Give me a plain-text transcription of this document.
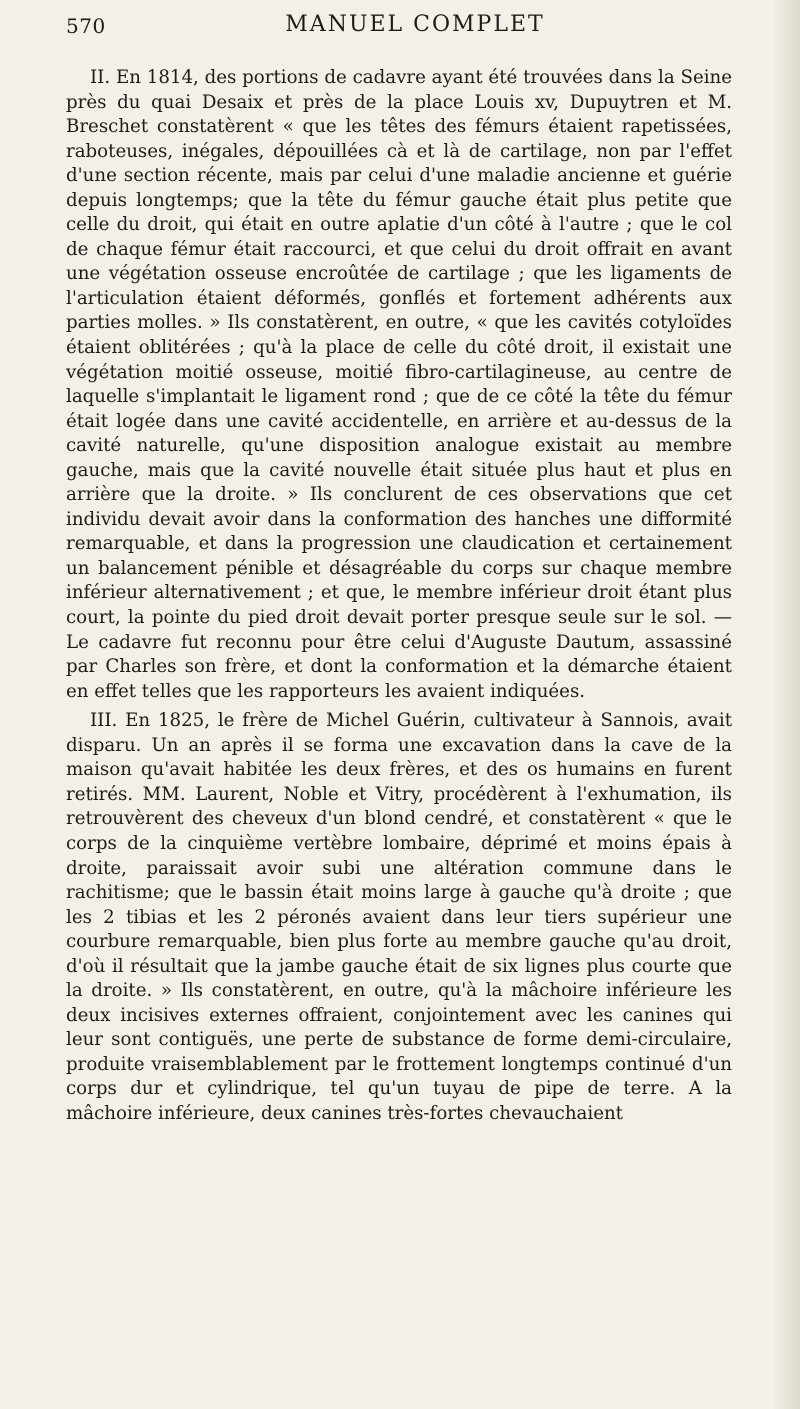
570	MANUEL COMPLET

II. En 1814, des portions de cadavre ayant été trouvées dans la Seine près du quai Desaix et près de la place Louis xv, Dupuytren et M. Breschet constatèrent « que les têtes des fémurs étaient rapetissées, raboteuses, inégales, dépouillées cà et là de cartilage, non par l'effet d'une section récente, mais par celui d'une maladie ancienne et guérie depuis longtemps; que la tête du fémur gauche était plus petite que celle du droit, qui était en outre aplatie d'un côté à l'autre ; que le col de chaque fémur était raccourci, et que celui du droit offrait en avant une végétation osseuse encroûtée de cartilage ; que les ligaments de l'articulation étaient déformés, gonflés et fortement adhérents aux parties molles. » Ils constatèrent, en outre, « que les cavités cotyloïdes étaient oblitérées ; qu'à la place de celle du côté droit, il existait une végétation moitié osseuse, moitié fibro-cartilagineuse, au centre de laquelle s'implantait le ligament rond ; que de ce côté la tête du fémur était logée dans une cavité accidentelle, en arrière et au-dessus de la cavité naturelle, qu'une disposition analogue existait au membre gauche, mais que la cavité nouvelle était située plus haut et plus en arrière que la droite. » Ils conclurent de ces observations que cet individu devait avoir dans la conformation des hanches une difformité remarquable, et dans la progression une claudication et certainement un balancement pénible et désagréable du corps sur chaque membre inférieur alternativement ; et que, le membre inférieur droit étant plus court, la pointe du pied droit devait porter presque seule sur le sol. — Le cadavre fut reconnu pour être celui d'Auguste Dautum, assassiné par Charles son frère, et dont la conformation et la démarche étaient en effet telles que les rapporteurs les avaient indiquées.

III. En 1825, le frère de Michel Guérin, cultivateur à Sannois, avait disparu. Un an après il se forma une excavation dans la cave de la maison qu'avait habitée les deux frères, et des os humains en furent retirés. MM. Laurent, Noble et Vitry, procédèrent à l'exhumation, ils retrouvèrent des cheveux d'un blond cendré, et constatèrent « que le corps de la cinquième vertèbre lombaire, déprimé et moins épais à droite, paraissait avoir subi une altération commune dans le rachitisme; que le bassin était moins large à gauche qu'à droite ; que les 2 tibias et les 2 péronés avaient dans leur tiers supérieur une courbure remarquable, bien plus forte au membre gauche qu'au droit, d'où il résultait que la jambe gauche était de six lignes plus courte que la droite. » Ils constatèrent, en outre, qu'à la mâchoire inférieure les deux incisives externes offraient, conjointement avec les canines qui leur sont contiguës, une perte de substance de forme demi-circulaire, produite vraisemblablement par le frottement longtemps continué d'un corps dur et cylindrique, tel qu'un tuyau de pipe de terre. A la mâchoire inférieure, deux canines très-fortes chevauchaient
